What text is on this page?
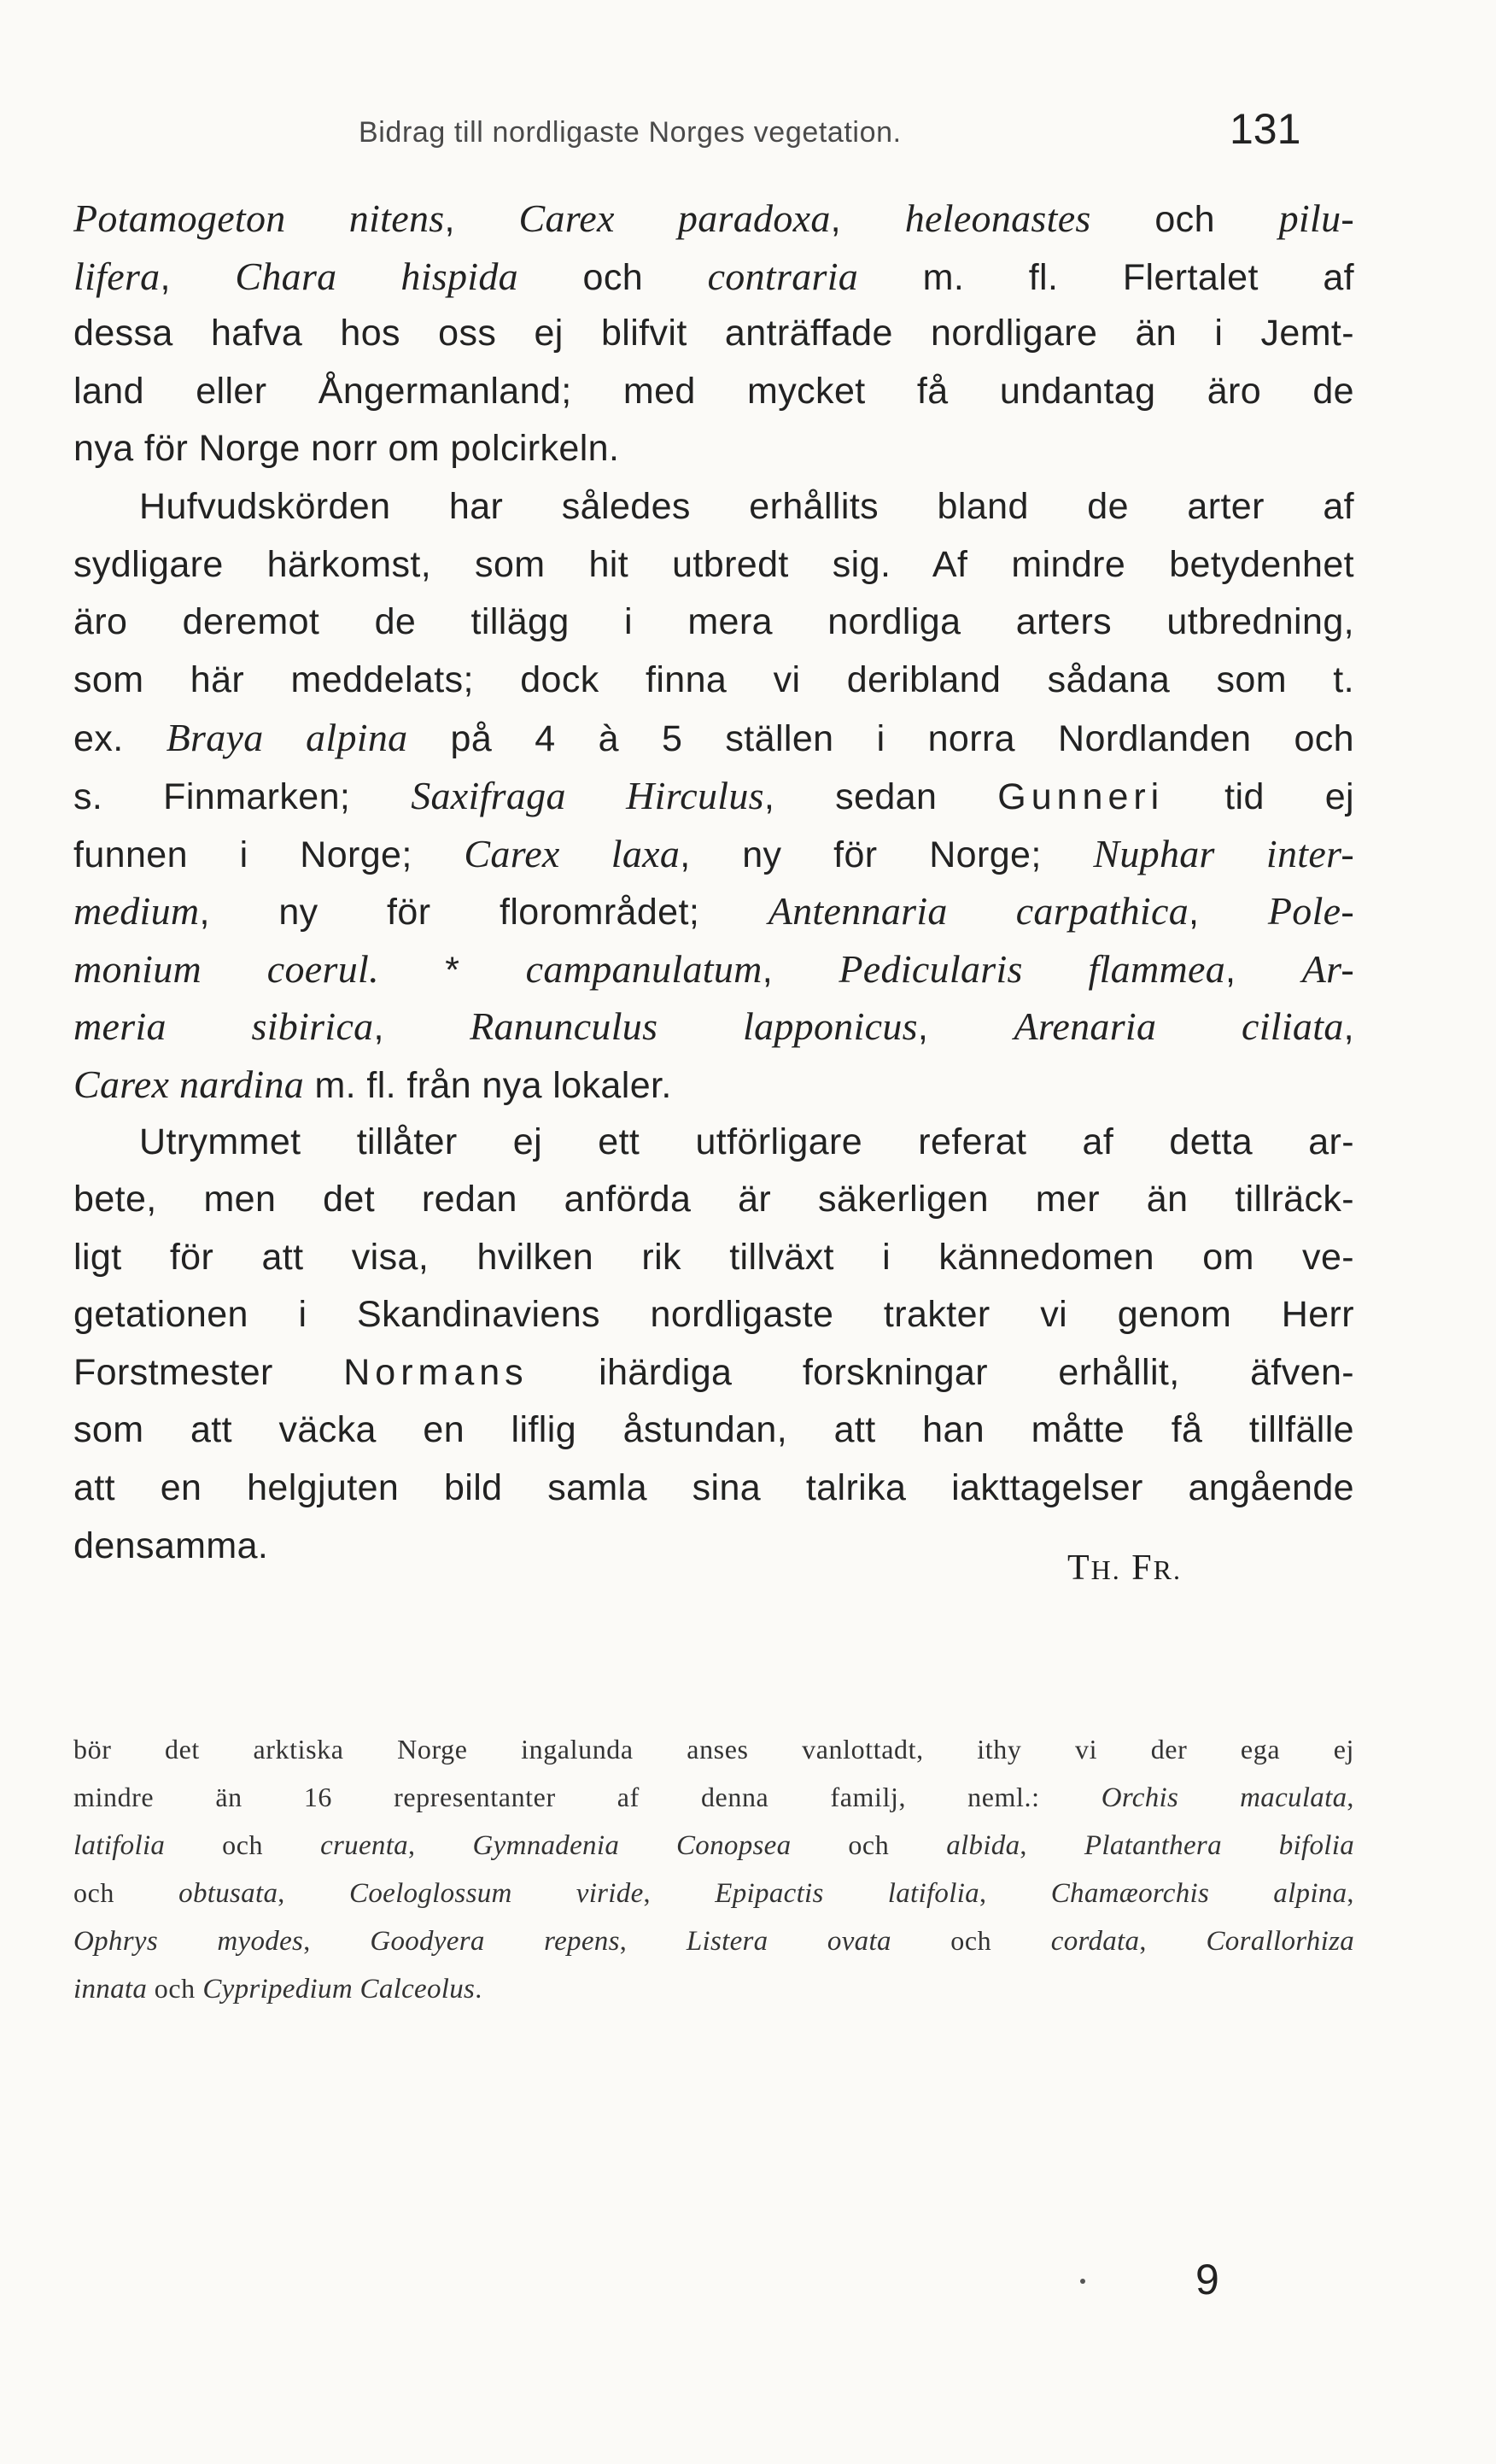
Bidrag till nordligaste Norges vegetation.	131
Potamogeton nitens, Carex paradoxa, heleonastes och pilu-
lifera, Chara hispida och contraria m. fl. Flertalet af
dessa hafva hos oss ej blifvit anträffade nordligare än i Jemt-
land eller Ångermanland; med mycket få undantag äro de
nya för Norge norr om polcirkeln.
Hufvudskörden har således erhållits bland de arter af
sydligare härkomst, som hit utbredt sig. Af mindre betydenhet
äro deremot de tillägg i mera nordliga arters utbredning,
som här meddelats; dock finna vi deribland sådana som t.
ex. Braya alpina på 4 à 5 ställen i norra Nordlanden och
s. Finmarken; Saxifraga Hirculus, sedan Gunneri tid ej
funnen i Norge; Carex laxa, ny för Norge; Nuphar inter-
medium, ny för florområdet; Antennaria carpathica, Pole-
monium coerul. * campanulatum, Pedicularis flammea, Ar-
meria sibirica, Ranunculus lapponicus, Arenaria ciliata,
Carex nardina m. fl. från nya lokaler.
Utrymmet tillåter ej ett utförligare referat af detta ar-
bete, men det redan anförda är säkerligen mer än tillräck-
ligt för att visa, hvilken rik tillväxt i kännedomen om ve-
getationen i Skandinaviens nordligaste trakter vi genom Herr
Forstmester Normans ihärdiga forskningar erhållit, äfven-
som att väcka en liflig åstundan, att han måtte få tillfälle
att en helgjuten bild samla sina talrika iakttagelser angående
densamma.
TH. FR.
bör det arktiska Norge ingalunda anses vanlottadt, ithy vi der ega ej
mindre än 16 representanter af denna familj, neml.: Orchis maculata,
latifolia och cruenta, Gymnadenia Conopsea och albida, Platanthera bifolia
och obtusata, Coeloglossum viride, Epipactis latifolia, Chamæorchis alpina,
Ophrys myodes, Goodyera repens, Listera ovata och cordata, Corallorhiza
innata och Cypripedium Calceolus.
9
